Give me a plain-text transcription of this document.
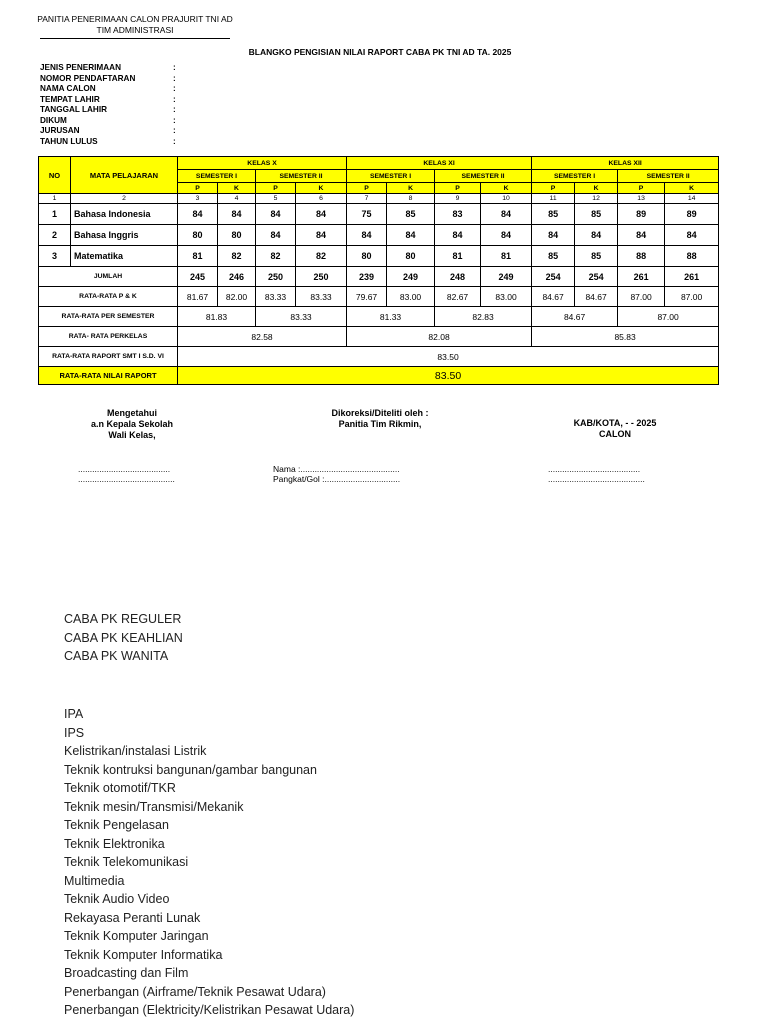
PANITIA PENERIMAAN CALON PRAJURIT TNI AD
TIM ADMINISTRASI
BLANGKO PENGISIAN NILAI RAPORT CABA PK TNI AD TA. 2025
JENIS PENERIMAAN	:
NOMOR PENDAFTARAN	:
NAMA CALON	:
TEMPAT LAHIR	:
TANGGAL LAHIR	:
DIKUM	:
JURUSAN	:
TAHUN LULUS	:
NO	MATA PELAJARAN	KELAS X				KELAS XI				KELAS XII			
		SEMESTER I		SEMESTER II		SEMESTER I		SEMESTER II		SEMESTER I		SEMESTER II	
		P	K	P	K	P	K	P	K	P	K	P	K
1	2	3	4	5	6	7	8	9	10	11	12	13	14
1	Bahasa Indonesia	84	84	84	84	75	85	83	84	85	85	89	89
2	Bahasa Inggris	80	80	84	84	84	84	84	84	84	84	84	84
3	Matematika	81	82	82	82	80	80	81	81	85	85	88	88
JUMLAH		245	246	250	250	239	249	248	249	254	254	261	261
RATA-RATA P & K		81.67	82.00	83.33	83.33	79.67	83.00	82.67	83.00	84.67	84.67	87.00	87.00
RATA-RATA PER SEMESTER		81.83		83.33		81.33		82.83		84.67		87.00	
RATA- RATA PERKELAS		82.58				82.08				85.83			
RATA-RATA RAPORT SMT I S.D. VI		83.50											
RATA-RATA NILAI RAPORT		83.50											
Mengetahui
a.n Kepala Sekolah
Wali Kelas,
Dikoreksi/Diteliti oleh :
Panitia Tim Rikmin,	KAB/KOTA, - - 2025
CALON
.......................................
.........................................
Nama :..........................................
Pangkat/Gol :................................
.......................................
.........................................
CABA PK REGULER
CABA PK KEAHLIAN
CABA PK WANITA
IPA
IPS
Kelistrikan/instalasi Listrik
Teknik kontruksi bangunan/gambar bangunan
Teknik otomotif/TKR
Teknik mesin/Transmisi/Mekanik
Teknik Pengelasan
Teknik Elektronika
Teknik Telekomunikasi
Multimedia
Teknik Audio Video
Rekayasa Peranti Lunak
Teknik Komputer Jaringan
Teknik Komputer Informatika
Broadcasting dan Film
Penerbangan (Airframe/Teknik Pesawat Udara)
Penerbangan (Elektricity/Kelistrikan Pesawat Udara)
